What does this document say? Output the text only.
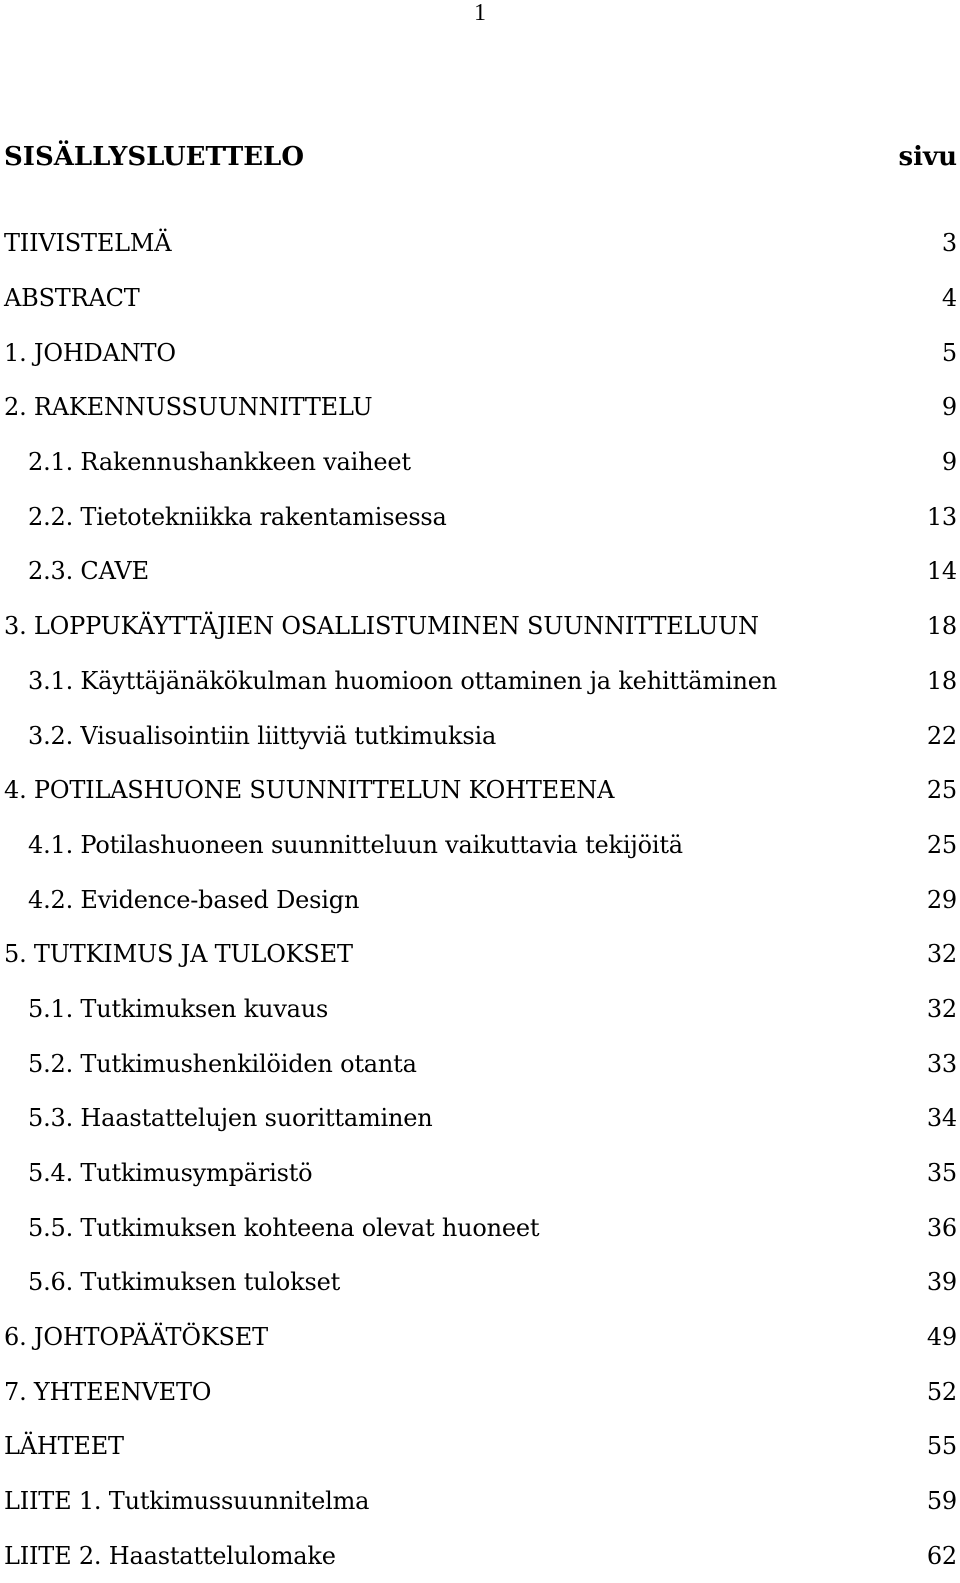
1
SISÄLLYSLUETTELO	sivu
TIIVISTELMÄ	3
ABSTRACT	4
1. JOHDANTO	5
2. RAKENNUSSUUNNITTELU	9
2.1. Rakennushankkeen vaiheet	9
2.2. Tietotekniikka rakentamisessa	13
2.3. CAVE	14
3. LOPPUKÄYTTÄJIEN OSALLISTUMINEN SUUNNITTELUUN	18
3.1. Käyttäjänäkökulman huomioon ottaminen ja kehittäminen	18
3.2. Visualisointiin liittyviä tutkimuksia	22
4. POTILASHUONE SUUNNITTELUN KOHTEENA	25
4.1. Potilashuoneen suunnitteluun vaikuttavia tekijöitä	25
4.2. Evidence-based Design	29
5. TUTKIMUS JA TULOKSET	32
5.1. Tutkimuksen kuvaus	32
5.2. Tutkimushenkilöiden otanta	33
5.3. Haastattelujen suorittaminen	34
5.4. Tutkimusympäristö	35
5.5. Tutkimuksen kohteena olevat huoneet	36
5.6. Tutkimuksen tulokset	39
6. JOHTOPÄÄTÖKSET	49
7. YHTEENVETO	52
LÄHTEET	55
LIITE 1. Tutkimussuunnitelma	59
LIITE 2. Haastattelulomake	62
